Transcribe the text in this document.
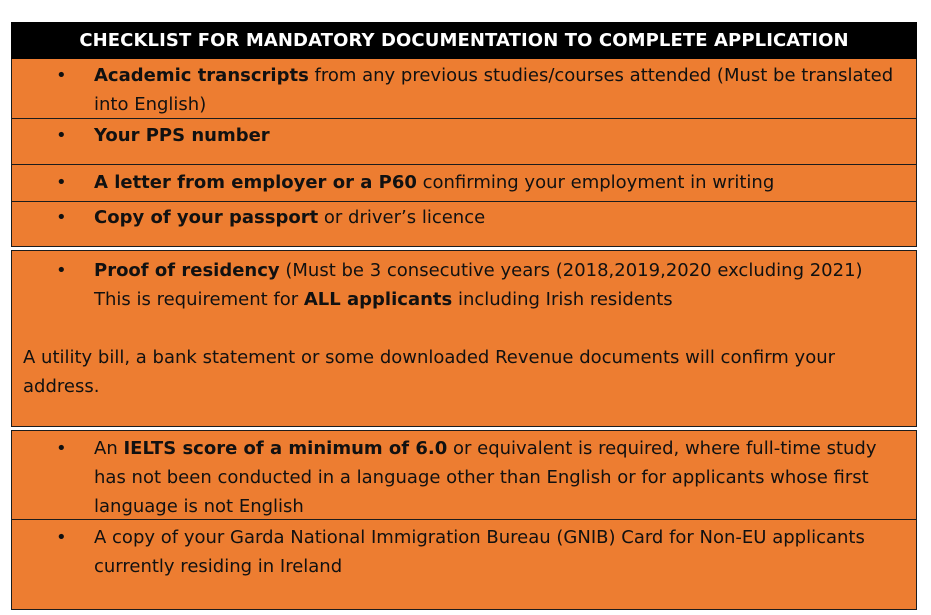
CHECKLIST FOR MANDATORY DOCUMENTATION TO COMPLETE APPLICATION
• Academic transcripts from any previous studies/courses attended (Must be translated into English)
• Your PPS number
• A letter from employer or a P60 confirming your employment in writing
• Copy of your passport or driver’s licence
• Proof of residency (Must be 3 consecutive years (2018,2019,2020 excluding 2021) This is requirement for ALL applicants including Irish residents
A utility bill, a bank statement or some downloaded Revenue documents will confirm your address.
• An IELTS score of a minimum of 6.0 or equivalent is required, where full-time study has not been conducted in a language other than English or for applicants whose first language is not English
• A copy of your Garda National Immigration Bureau (GNIB) Card for Non-EU applicants currently residing in Ireland
